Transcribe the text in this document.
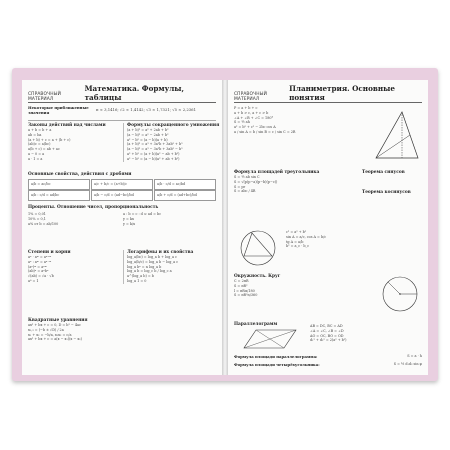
СПРАВОЧНЫЙ МАТЕРИАЛ
Математика. Формулы, таблицы
Некоторые приближенные значения
π ≈ 3,1416; √2 ≈ 1,4142; √3 ≈ 1,7321; √5 ≈ 2,2361
Законы действий над числами
a + b = b + a
ab = ba
(a + b) + c = a + (b + c)
(ab)c = a(bc)
a(b + c) = ab + ac
a − 0 = a
a · 1 = a
Формулы сокращенного умножения
(a + b)² = a² + 2ab + b²
(a − b)² = a² − 2ab + b²
a² − b² = (a − b)(a + b)
(a + b)³ = a³ + 3a²b + 3ab² + b³
(a − b)³ = a³ − 3a²b + 3ab² − b³
a³ + b³ = (a + b)(a² − ab + b²)
a³ − b³ = (a − b)(a² + ab + b²)
Основные свойства, действия с дробями
a/b = ac/bc	a/c + b/c = (a+b)/c	a/b · c/d = ac/bd
a/b : c/d = ad/bc	a/b − c/d = (ad−bc)/bd	a/b + c/d = (ad+bc)/bd
Проценты. Отношение чисел, пропорциональность
1% = 0,01
10% = 0,1
a% от b = ab/100
a : b = c : d ⇔ ad = bc
y = kx
y = k/x
Степени и корни
aⁿ · aᵐ = aⁿ⁺ᵐ
aⁿ : aᵐ = aⁿ⁻ᵐ
(aⁿ)ᵐ = aⁿᵐ
(ab)ⁿ = aⁿbⁿ
√(ab) = √a · √b
a⁰ = 1
Логарифмы и их свойства
log_a(bc) = log_a b + log_a c
log_a(b/c) = log_a b − log_a c
log_a bⁿ = n log_a b
log_a b = log_c b / log_c a
a^(log_a b) = b
log_a 1 = 0
Квадратные уравнения
ax² + bx + c = 0, D = b² − 4ac
x₁,₂ = (−b ± √D) / 2a
x₁ + x₂ = −b/a, x₁x₂ = c/a
ax² + bx + c = a(x − x₁)(x − x₂)
СПРАВОЧНЫЙ МАТЕРИАЛ
Планиметрия. Основные понятия
P = a + b + c
a + b > c, a + c > b
∠A + ∠B + ∠C = 180°
S = ½ ah
a² = b² + c² − 2bc cos A
a / sin A = b / sin B = c / sin C = 2R
Формула площадей треугольника
S = ½ ab sin C
S = √(p(p−a)(p−b)(p−c))
S = pr
S = abc / 4R
Теорема синусов
Теорема косинусов
c² = a² + b²
sin A = a/c, cos A = b/c
tg A = a/b
h² = a_c · b_c
Окружность. Круг
C = 2πR
S = πR²
l = πRα/180
S = πR²α/360
Параллелограмм	AB = DC, BC = AD
∠A = ∠C, ∠B = ∠D
AO = OC, BO = OD
d₁² + d₂² = 2(a² + b²)
Формула площади параллелограмма:	S = a · h
Формула площади четырёхугольника:	S = ½ d₁d₂ sin φ
